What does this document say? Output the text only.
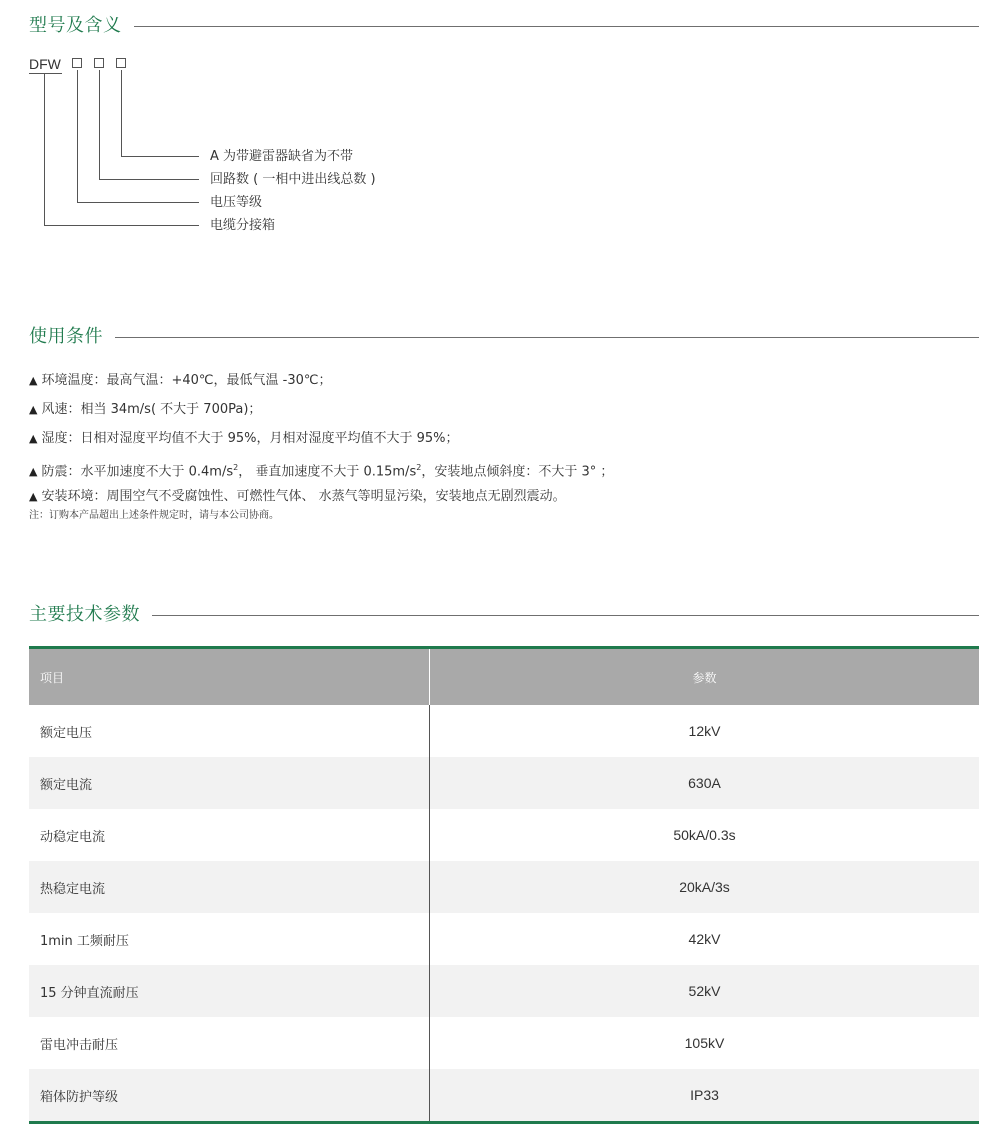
型号及含义
DFW
A 为带避雷器缺省为不带
回路数 ( 一相中进出线总数 )
电压等级
电缆分接箱
使用条件
▲ 环境温度：最高气温：+40℃，最低气温 -30℃；
▲ 风速：相当 34m/s( 不大于 700Pa)；
▲ 湿度：日相对湿度平均值不大于 95%，月相对湿度平均值不大于 95%；
▲ 防震：水平加速度不大于 $0.4m/s^2$， 垂直加速度不大于 $0.15m/s^2$，安装地点倾斜度：不大于 3° ；
▲ 安装环境：周围空气不受腐蚀性、可燃性气体、 水蒸气等明显污染，安装地点无剧烈震动。
注：订购本产品超出上述条件规定时，请与本公司协商。
主要技术参数
项目	参数
额定电压	12kV
额定电流	630A
动稳定电流	50kA/0.3s
热稳定电流	20kA/3s
1min 工频耐压	42kV
15 分钟直流耐压	52kV
雷电冲击耐压	105kV
箱体防护等级	IP33
